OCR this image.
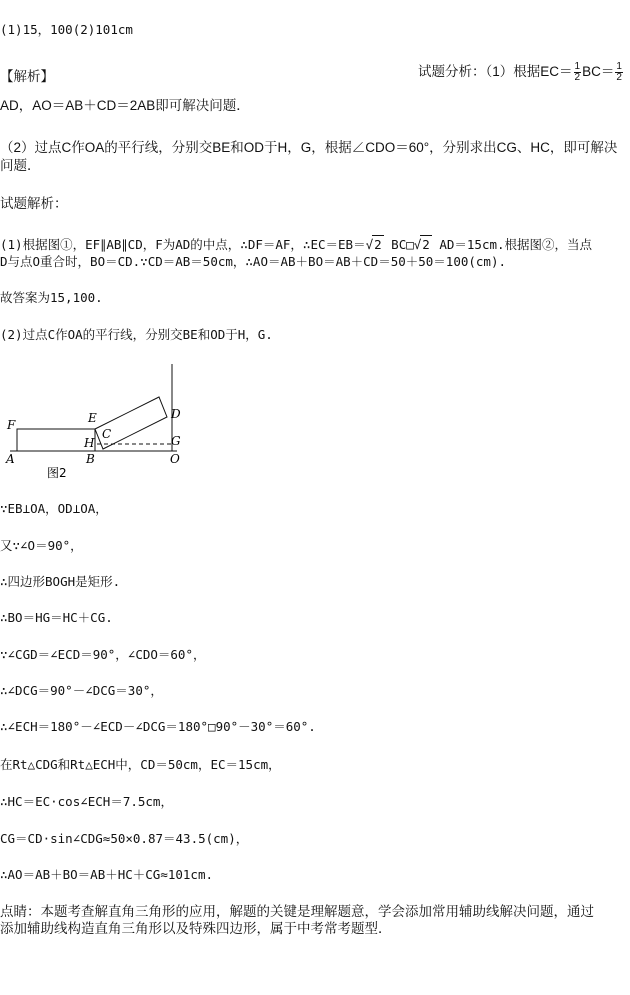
(1)15，100(2)101cm
【解析】	试题分析：（1）根据$EC= \frac{1}{2} BC= \frac{1}{2}$
AD，AO＝AB＋CD＝2AB即可解决问题．
（2）过点C作OA的平行线，分别交BE和OD于H，G，根据∠CDO＝60°，分别求出CG、HC，即可解决
问题．
试题解析：
(1)根据图①，EF∥AB∥CD，F为AD的中点，∴DF＝AF，∴EC＝EB＝√2 BC□√2 AD＝15cm.根据图②，当点
D与点O重合时，BO＝CD.∵CD＝AB＝50cm，∴AO＝AB＋BO＝AB＋CD＝50＋50＝100(cm).
故答案为15,100.
(2)过点C作OA的平行线，分别交BE和OD于H，G.
F	E	D
C
H	G
A	B	O
图2
∵EB⊥OA，OD⊥OA，
又∵∠O＝90°，
∴四边形BOGH是矩形.
∴BO＝HG＝HC＋CG.
∵∠CGD＝∠ECD＝90°，∠CDO＝60°，
∴∠DCG＝90°－∠DCG＝30°，
∴∠ECH＝180°－∠ECD－∠DCG＝180°□90°－30°＝60°.
在Rt△CDG和Rt△ECH中，CD＝50cm，EC＝15cm，
∴HC＝EC·cos∠ECH＝7.5cm，
CG＝CD·sin∠CDG≈50×0.87＝43.5(cm)，
∴AO＝AB＋BO＝AB＋HC＋CG≈101cm.
点睛：本题考查解直角三角形的应用，解题的关键是理解题意，学会添加常用辅助线解决问题，通过
添加辅助线构造直角三角形以及特殊四边形，属于中考常考题型．
